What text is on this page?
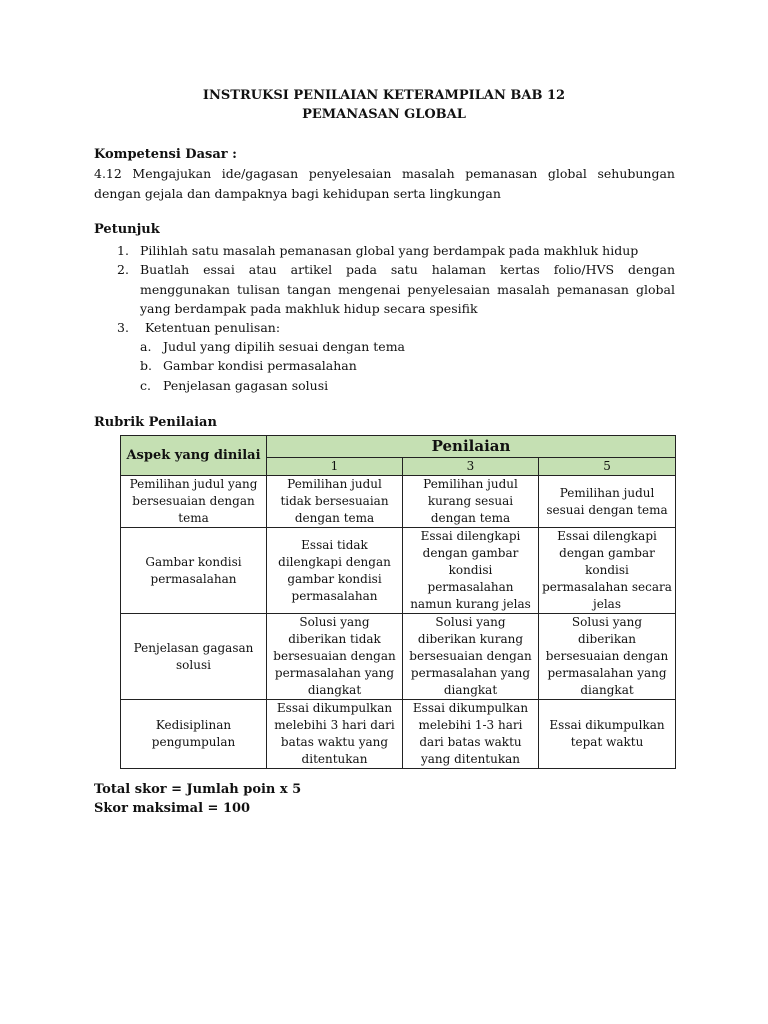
INSTRUKSI PENILAIAN KETERAMPILAN BAB 12
PEMANASAN GLOBAL
Kompetensi Dasar :
4.12 Mengajukan ide/gagasan penyelesaian masalah pemanasan global sehubungan dengan gejala dan dampaknya bagi kehidupan serta lingkungan
Petunjuk
1. Pilihlah satu masalah pemanasan global yang berdampak pada makhluk hidup
2. Buatlah essai atau artikel pada satu halaman kertas folio/HVS dengan menggunakan tulisan tangan mengenai penyelesaian masalah pemanasan global yang berdampak pada makhluk hidup secara spesifik
3. Ketentuan penulisan:
a. Judul yang dipilih sesuai dengan tema
b. Gambar kondisi permasalahan
c. Penjelasan gagasan solusi
Rubrik Penilaian
Aspek yang dinilai	Penilaian		
	1	3	5
Pemilihan judul yang bersesuaian dengan tema	Pemilihan judul tidak bersesuaian dengan tema	Pemilihan judul kurang sesuai dengan tema	Pemilihan judul sesuai dengan tema
Gambar kondisi permasalahan	Essai tidak dilengkapi dengan gambar kondisi permasalahan	Essai dilengkapi dengan gambar kondisi permasalahan namun kurang jelas	Essai dilengkapi dengan gambar kondisi permasalahan secara jelas
Penjelasan gagasan solusi	Solusi yang diberikan tidak bersesuaian dengan permasalahan yang diangkat	Solusi yang diberikan kurang bersesuaian dengan permasalahan yang diangkat	Solusi yang diberikan bersesuaian dengan permasalahan yang diangkat
Kedisiplinan pengumpulan	Essai dikumpulkan melebihi 3 hari dari batas waktu yang ditentukan	Essai dikumpulkan melebihi 1-3 hari dari batas waktu yang ditentukan	Essai dikumpulkan tepat waktu
Total skor = Jumlah poin x 5
Skor maksimal = 100
